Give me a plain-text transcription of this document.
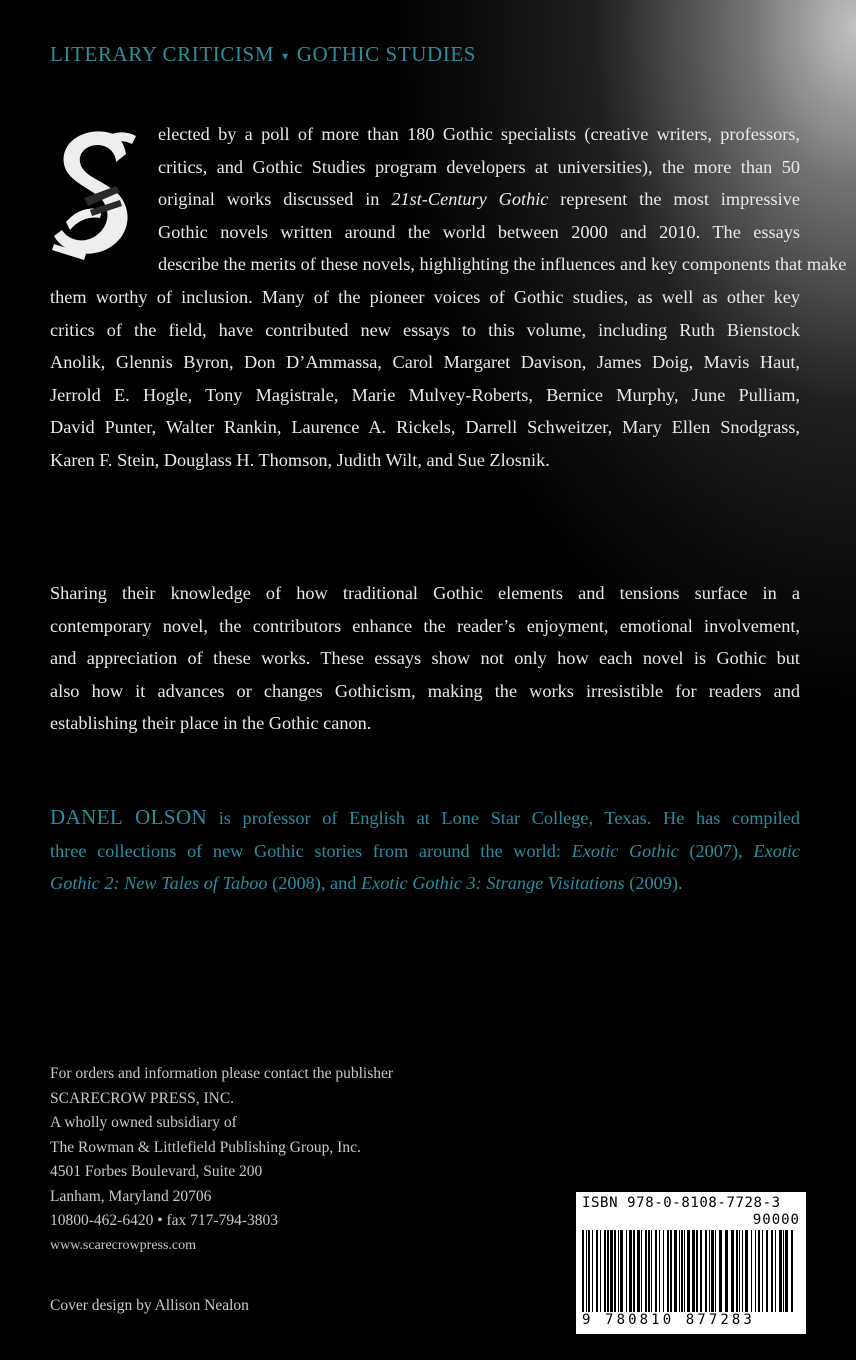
LITERARY CRITICISM ▾ GOTHIC STUDIES
elected by a poll of more than 180 Gothic specialists (creative writers, professors,
critics, and Gothic Studies program developers at universities), the more than 50
original works discussed in 21st-Century Gothic represent the most impressive
Gothic novels written around the world between 2000 and 2010. The essays
describe the merits of these novels, highlighting the influences and key components that make
them worthy of inclusion. Many of the pioneer voices of Gothic studies, as well as other key
critics of the field, have contributed new essays to this volume, including Ruth Bienstock
Anolik, Glennis Byron, Don D’Ammassa, Carol Margaret Davison, James Doig, Mavis Haut,
Jerrold E. Hogle, Tony Magistrale, Marie Mulvey-Roberts, Bernice Murphy, June Pulliam,
David Punter, Walter Rankin, Laurence A. Rickels, Darrell Schweitzer, Mary Ellen Snodgrass,
Karen F. Stein, Douglass H. Thomson, Judith Wilt, and Sue Zlosnik.
Sharing their knowledge of how traditional Gothic elements and tensions surface in a
contemporary novel, the contributors enhance the reader’s enjoyment, emotional involvement,
and appreciation of these works. These essays show not only how each novel is Gothic but
also how it advances or changes Gothicism, making the works irresistible for readers and
establishing their place in the Gothic canon.
DANEL OLSON is professor of English at Lone Star College, Texas. He has compiled
three collections of new Gothic stories from around the world: Exotic Gothic (2007), Exotic
Gothic 2: New Tales of Taboo (2008), and Exotic Gothic 3: Strange Visitations (2009).
For orders and information please contact the publisher
SCARECROW PRESS, INC.
A wholly owned subsidiary of
The Rowman & Littlefield Publishing Group, Inc.
4501 Forbes Boulevard, Suite 200
Lanham, Maryland 20706
10800-462-6420 • fax 717-794-3803
www.scarecrowpress.com
Cover design by Allison Nealon
ISBN 978-0-8108-7728-3
90000
9 780810 877283
